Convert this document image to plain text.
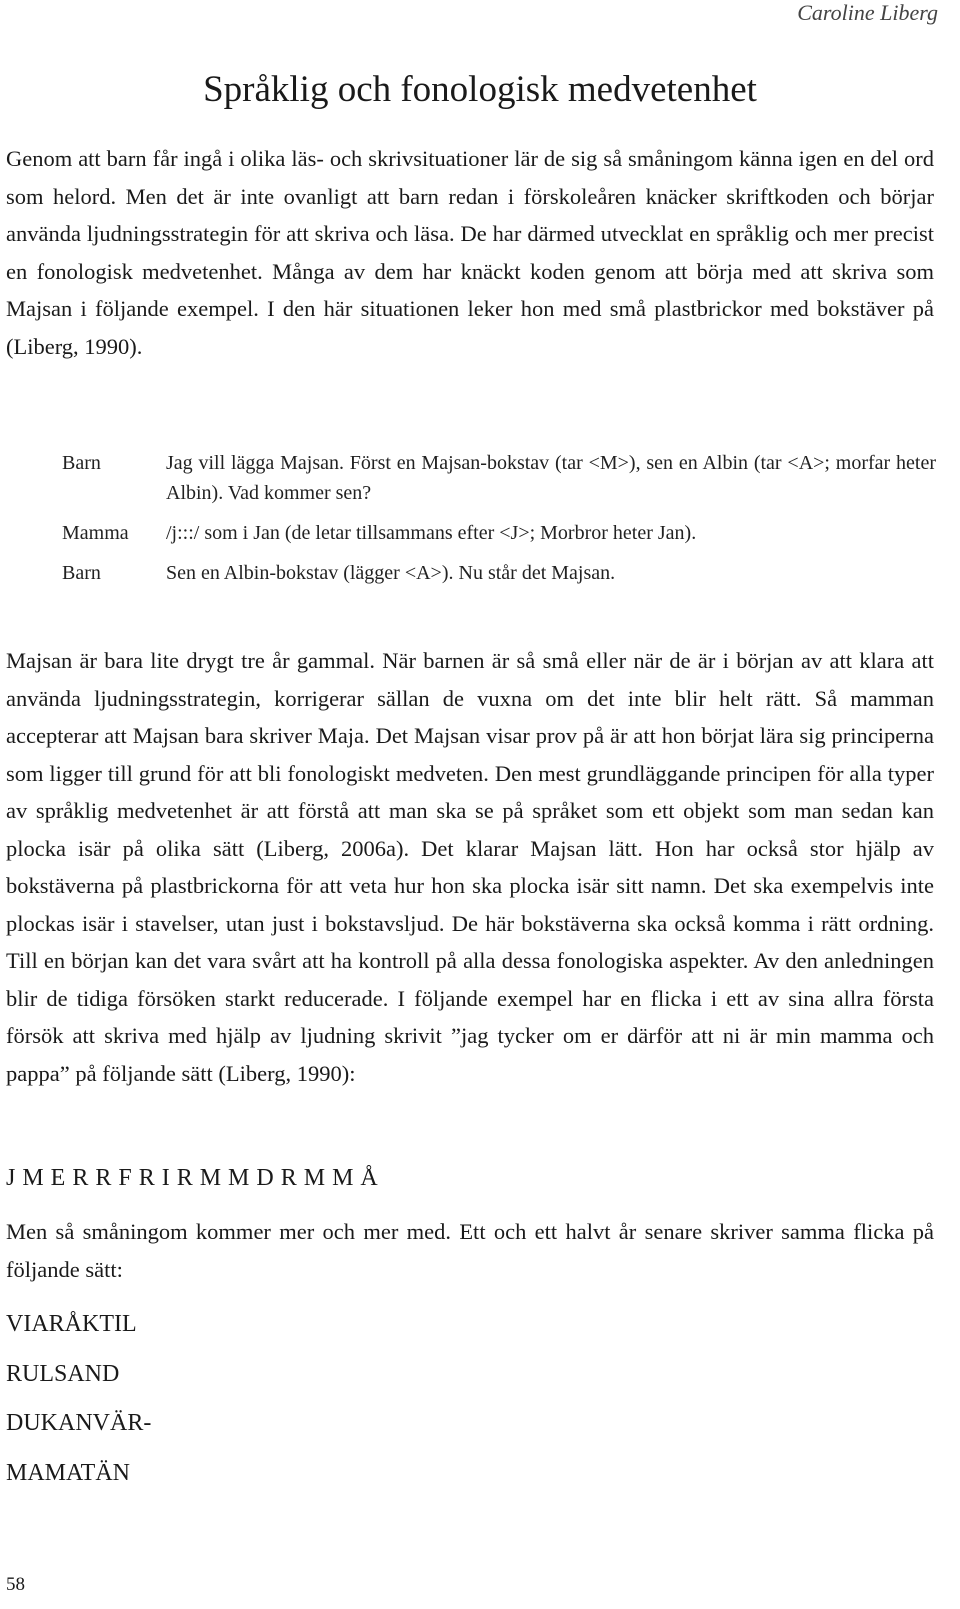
Caroline Liberg
Språklig och fonologisk medvetenhet

Genom att barn får ingå i olika läs- och skrivsituationer lär de sig så småningom känna igen en del ord som helord. Men det är inte ovanligt att barn redan i förskoleåren knäcker skriftkoden och börjar använda ljudningsstrategin för att skriva och läsa. De har därmed utvecklat en språklig och mer precist en fonologisk medvetenhet. Många av dem har knäckt koden genom att börja med att skriva som Majsan i följande exempel. I den här situationen leker hon med små plastbrickor med bokstäver på (Liberg, 1990).

Barn	Jag vill lägga Majsan. Först en Majsan-bokstav (tar <M>), sen en Albin (tar <A>; morfar heter Albin). Vad kommer sen?
Mamma	/j:::/ som i Jan (de letar tillsammans efter <J>; Morbror heter Jan).
Barn	Sen en Albin-bokstav (lägger <A>). Nu står det Majsan.

Majsan är bara lite drygt tre år gammal. När barnen är så små eller när de är i början av att klara att använda ljudningsstrategin, korrigerar sällan de vuxna om det inte blir helt rätt. Så mamman accepterar att Majsan bara skriver Maja. Det Majsan visar prov på är att hon börjat lära sig principerna som ligger till grund för att bli fonologiskt medveten. Den mest grundläggande principen för alla typer av språklig medvetenhet är att förstå att man ska se på språket som ett objekt som man sedan kan plocka isär på olika sätt (Liberg, 2006a). Det klarar Majsan lätt. Hon har också stor hjälp av bokstäverna på plastbrickorna för att veta hur hon ska plocka isär sitt namn. Det ska exempelvis inte plockas isär i stavelser, utan just i bokstavsljud. De här bokstäverna ska också komma i rätt ordning. Till en början kan det vara svårt att ha kontroll på alla dessa fonologiska aspekter. Av den anledningen blir de tidiga försöken starkt reducerade. I följande exempel har en flicka i ett av sina allra första försök att skriva med hjälp av ljudning skrivit ”jag tycker om er därför att ni är min mamma och pappa” på följande sätt (Liberg, 1990):

J M E R R F R I R M M D R M M Å

Men så småningom kommer mer och mer med. Ett och ett halvt år senare skriver samma flicka på följande sätt:

VIARÅKTIL
RULSAND
DUKANVÄR-
MAMATÄN
58
